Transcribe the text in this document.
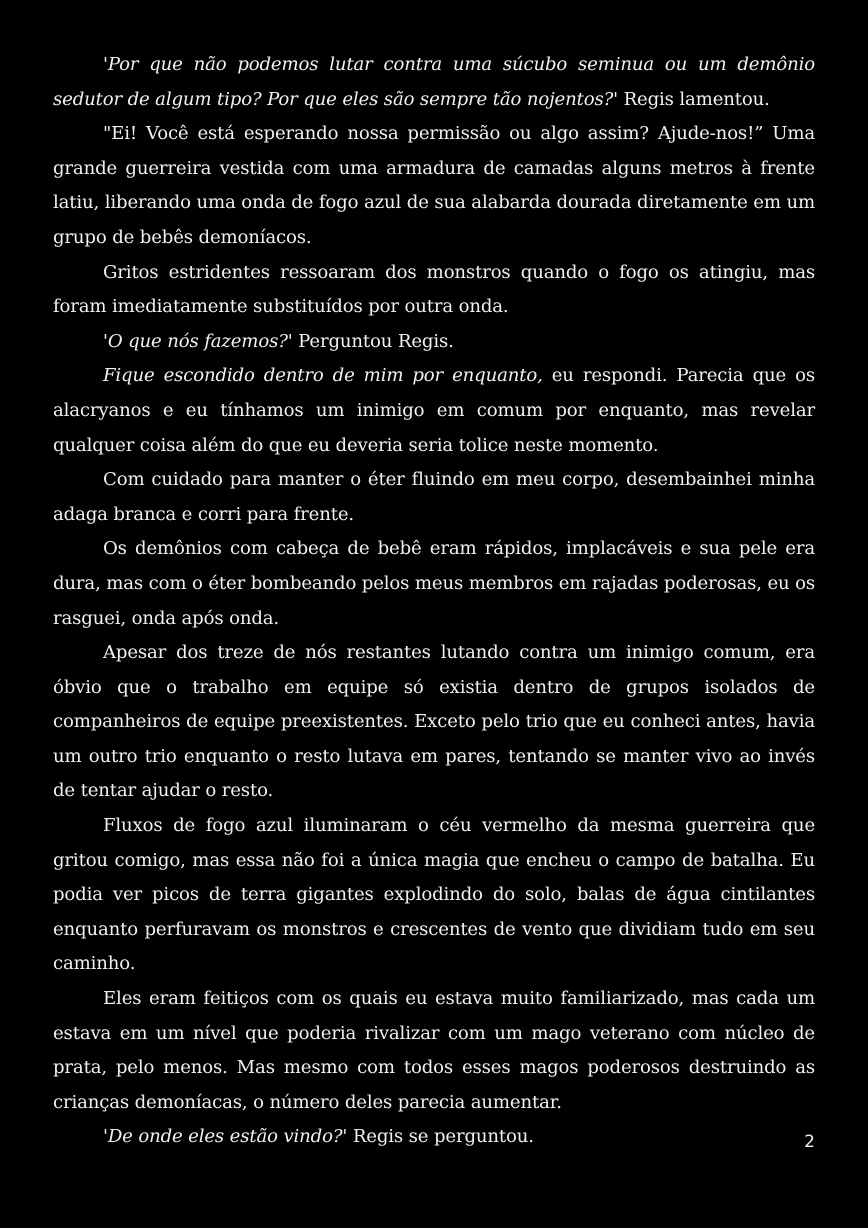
'Por que não podemos lutar contra uma súcubo seminua ou um demônio sedutor de algum tipo? Por que eles são sempre tão nojentos?' Regis lamentou.

"Ei! Você está esperando nossa permissão ou algo assim? Ajude-nos!” Uma grande guerreira vestida com uma armadura de camadas alguns metros à frente latiu, liberando uma onda de fogo azul de sua alabarda dourada diretamente em um grupo de bebês demoníacos.

Gritos estridentes ressoaram dos monstros quando o fogo os atingiu, mas foram imediatamente substituídos por outra onda.

'O que nós fazemos?' Perguntou Regis.

Fique escondido dentro de mim por enquanto, eu respondi. Parecia que os alacryanos e eu tínhamos um inimigo em comum por enquanto, mas revelar qualquer coisa além do que eu deveria seria tolice neste momento.

Com cuidado para manter o éter fluindo em meu corpo, desembainhei minha adaga branca e corri para frente.

Os demônios com cabeça de bebê eram rápidos, implacáveis e sua pele era dura, mas com o éter bombeando pelos meus membros em rajadas poderosas, eu os rasguei, onda após onda.

Apesar dos treze de nós restantes lutando contra um inimigo comum, era óbvio que o trabalho em equipe só existia dentro de grupos isolados de companheiros de equipe preexistentes. Exceto pelo trio que eu conheci antes, havia um outro trio enquanto o resto lutava em pares, tentando se manter vivo ao invés de tentar ajudar o resto.

Fluxos de fogo azul iluminaram o céu vermelho da mesma guerreira que gritou comigo, mas essa não foi a única magia que encheu o campo de batalha. Eu podia ver picos de terra gigantes explodindo do solo, balas de água cintilantes enquanto perfuravam os monstros e crescentes de vento que dividiam tudo em seu caminho.

Eles eram feitiços com os quais eu estava muito familiarizado, mas cada um estava em um nível que poderia rivalizar com um mago veterano com núcleo de prata, pelo menos. Mas mesmo com todos esses magos poderosos destruindo as crianças demoníacas, o número deles parecia aumentar.

'De onde eles estão vindo?' Regis se perguntou.	2
